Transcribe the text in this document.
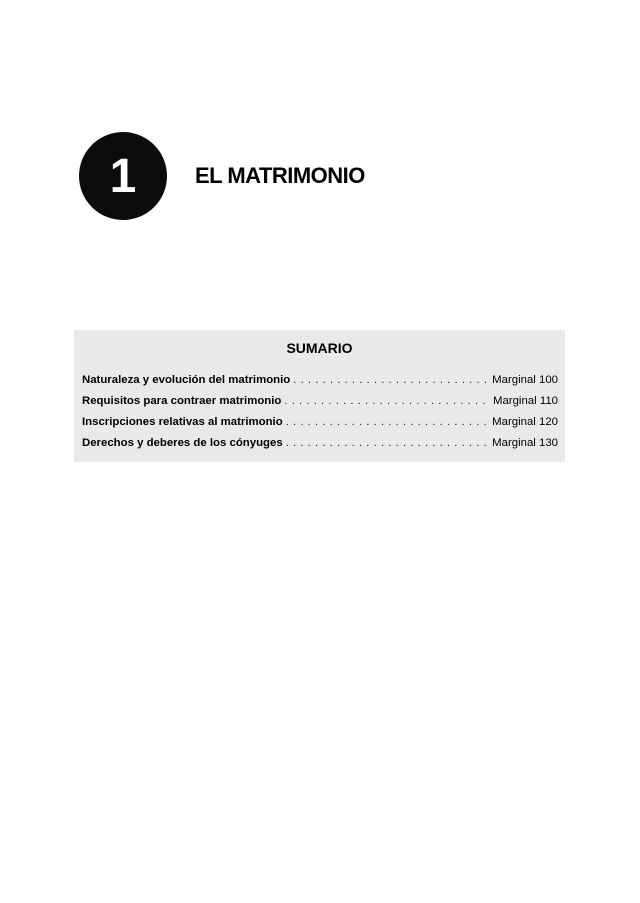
1	EL MATRIMONIO
SUMARIO
Naturaleza y evolución del matrimonio . . .	Marginal 100
Requisitos para contraer matrimonio . . .	Marginal 110
Inscripciones relativas al matrimonio . . .	Marginal 120
Derechos y deberes de los cónyuges . . .	Marginal 130
